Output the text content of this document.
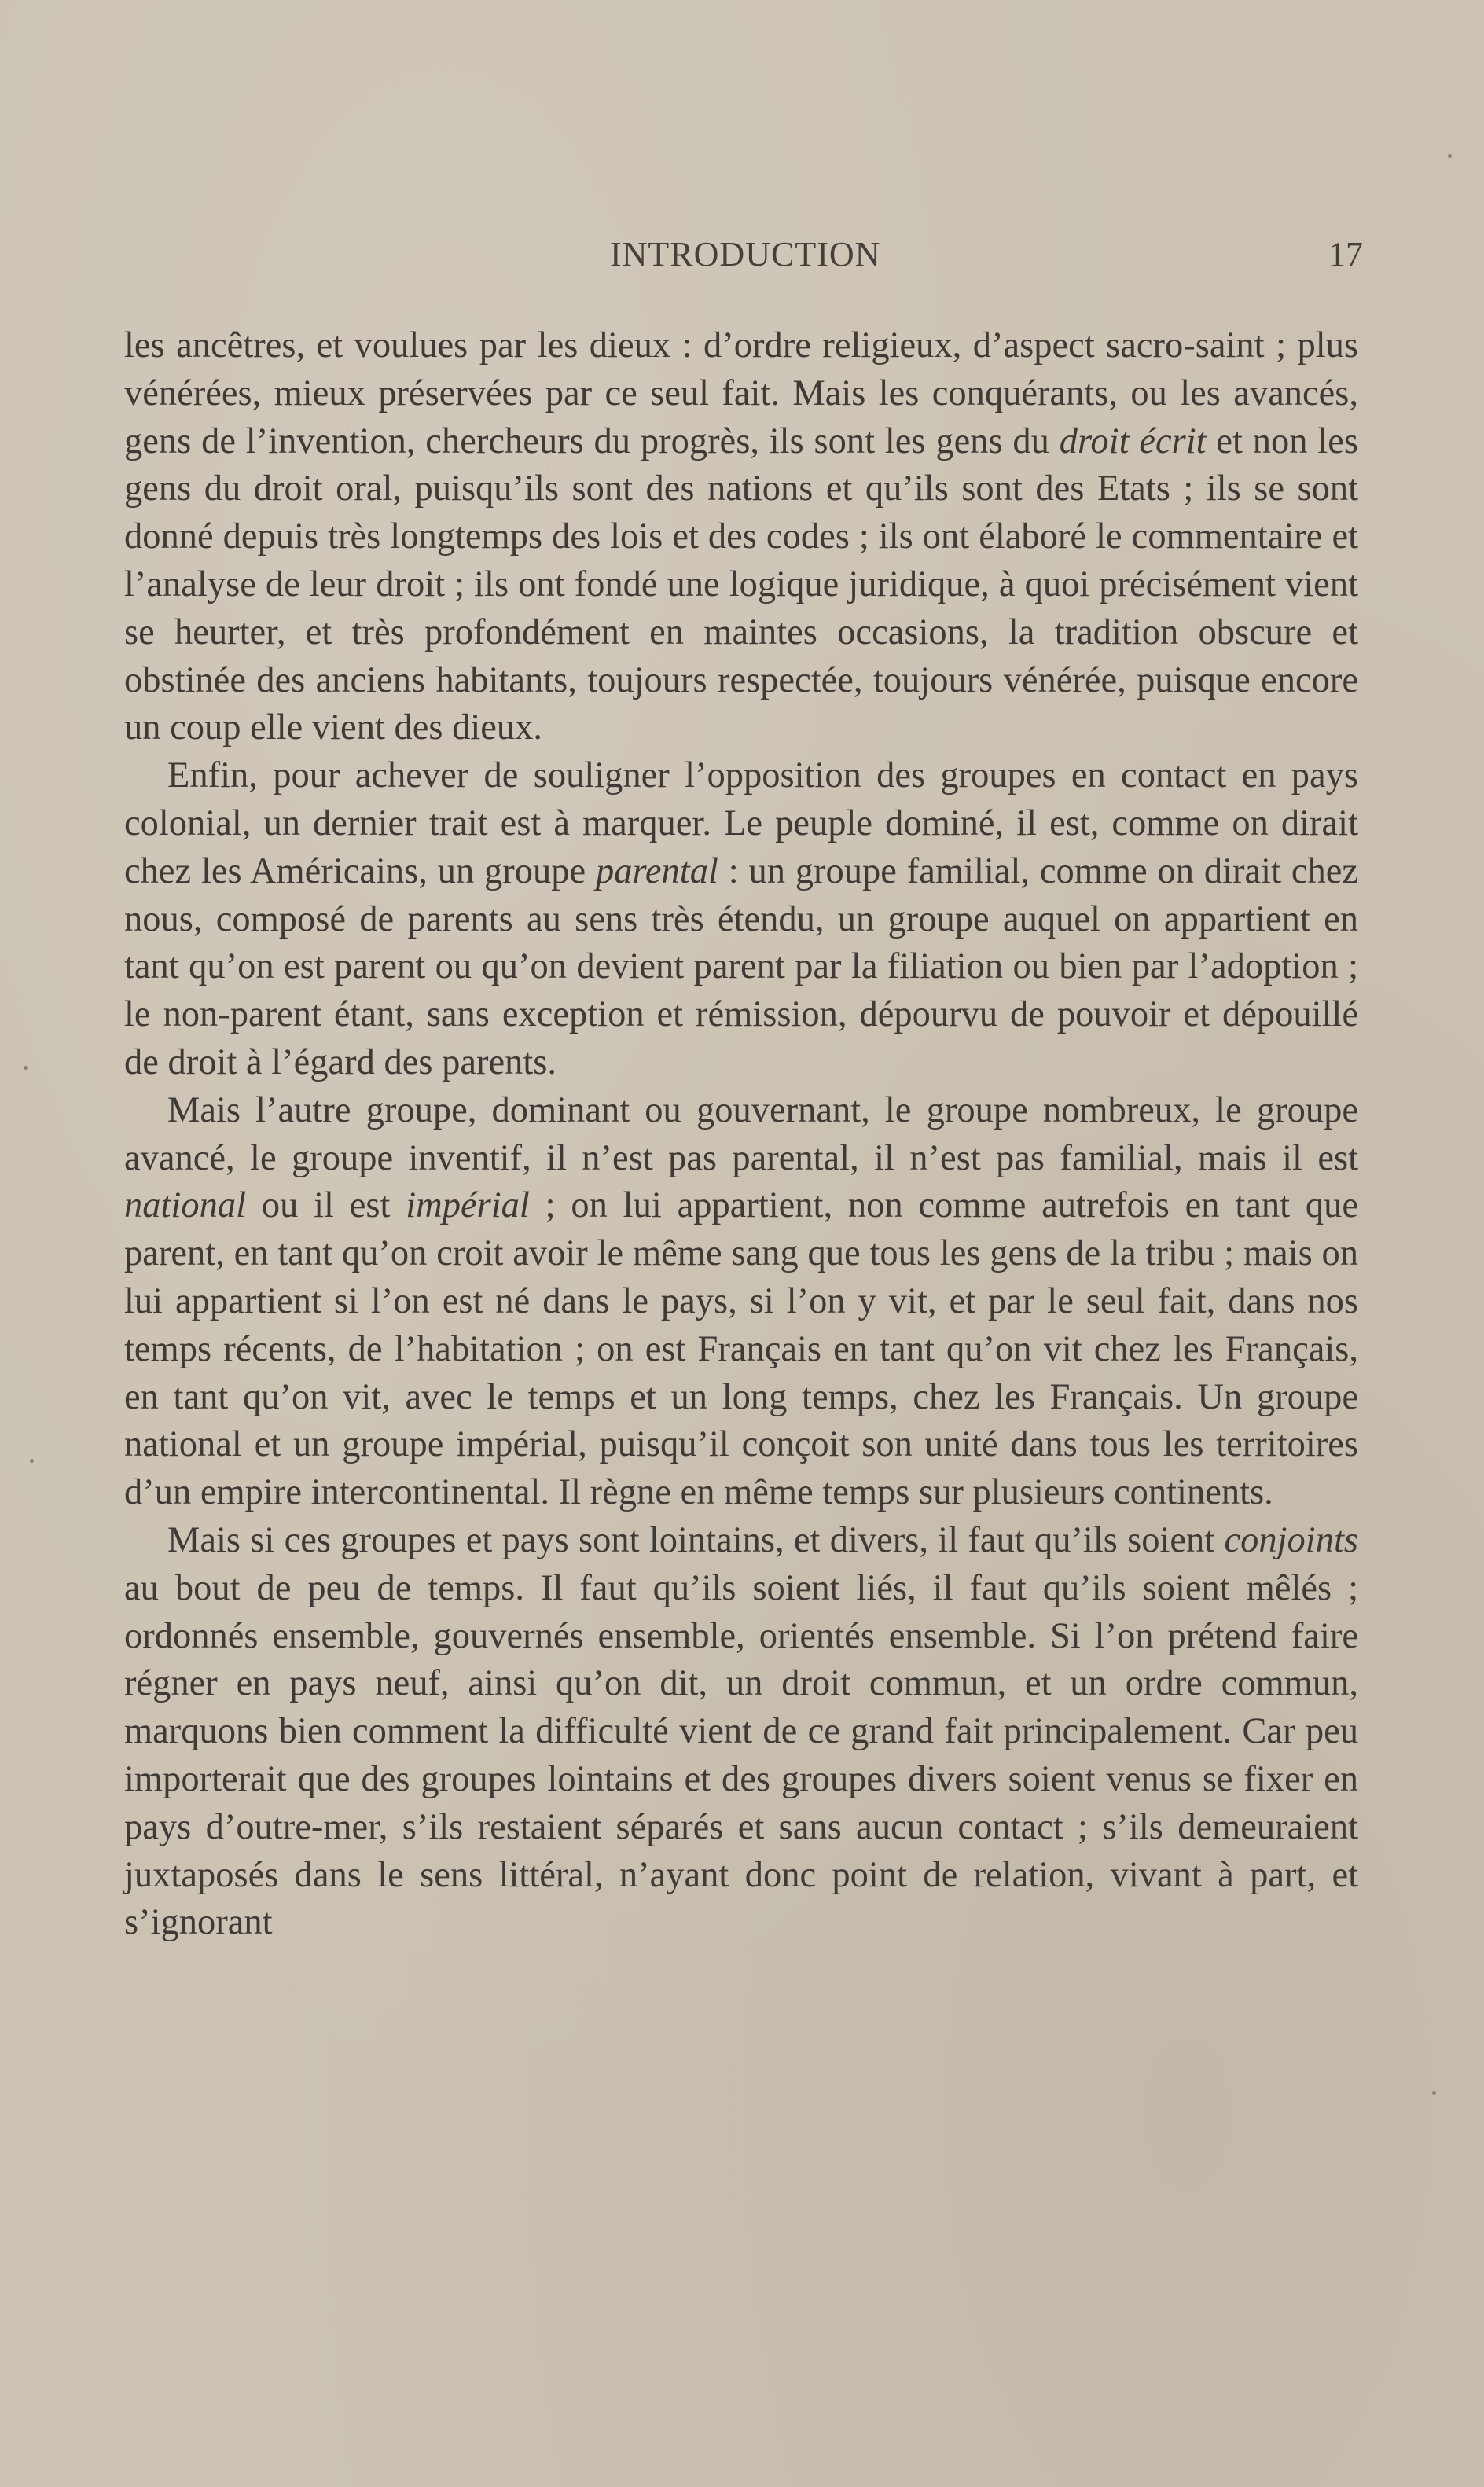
INTRODUCTION	17

les ancêtres, et voulues par les dieux : d’ordre religieux, d’aspect sacro-saint ; plus vénérées, mieux préservées par ce seul fait. Mais les conquérants, ou les avancés, gens de l’invention, chercheurs du progrès, ils sont les gens du droit écrit et non les gens du droit oral, puisqu’ils sont des nations et qu’ils sont des Etats ; ils se sont donné depuis très longtemps des lois et des codes ; ils ont élaboré le commentaire et l’analyse de leur droit ; ils ont fondé une logique juridique, à quoi précisément vient se heurter, et très profondément en maintes occasions, la tradition obscure et obstinée des anciens habitants, toujours respectée, toujours vénérée, puisque encore un coup elle vient des dieux.

Enfin, pour achever de souligner l’opposition des groupes en contact en pays colonial, un dernier trait est à marquer. Le peuple dominé, il est, comme on dirait chez les Américains, un groupe parental : un groupe familial, comme on dirait chez nous, composé de parents au sens très étendu, un groupe auquel on appartient en tant qu’on est parent ou qu’on devient parent par la filiation ou bien par l’adoption ; le non-parent étant, sans exception et rémission, dépourvu de pouvoir et dépouillé de droit à l’égard des parents.

Mais l’autre groupe, dominant ou gouvernant, le groupe nombreux, le groupe avancé, le groupe inventif, il n’est pas parental, il n’est pas familial, mais il est national ou il est impérial ; on lui appartient, non comme autrefois en tant que parent, en tant qu’on croit avoir le même sang que tous les gens de la tribu ; mais on lui appartient si l’on est né dans le pays, si l’on y vit, et par le seul fait, dans nos temps récents, de l’habitation ; on est Français en tant qu’on vit chez les Français, en tant qu’on vit, avec le temps et un long temps, chez les Français. Un groupe national et un groupe impérial, puisqu’il conçoit son unité dans tous les territoires d’un empire intercontinental. Il règne en même temps sur plusieurs continents.

Mais si ces groupes et pays sont lointains, et divers, il faut qu’ils soient conjoints au bout de peu de temps. Il faut qu’ils soient liés, il faut qu’ils soient mêlés ; ordonnés ensemble, gouvernés ensemble, orientés ensemble. Si l’on prétend faire régner en pays neuf, ainsi qu’on dit, un droit commun, et un ordre commun, marquons bien comment la difficulté vient de ce grand fait principalement. Car peu importerait que des groupes lointains et des groupes divers soient venus se fixer en pays d’outre-mer, s’ils restaient séparés et sans aucun contact ; s’ils demeuraient juxtaposés dans le sens littéral, n’ayant donc point de relation, vivant à part, et s’ignorant
